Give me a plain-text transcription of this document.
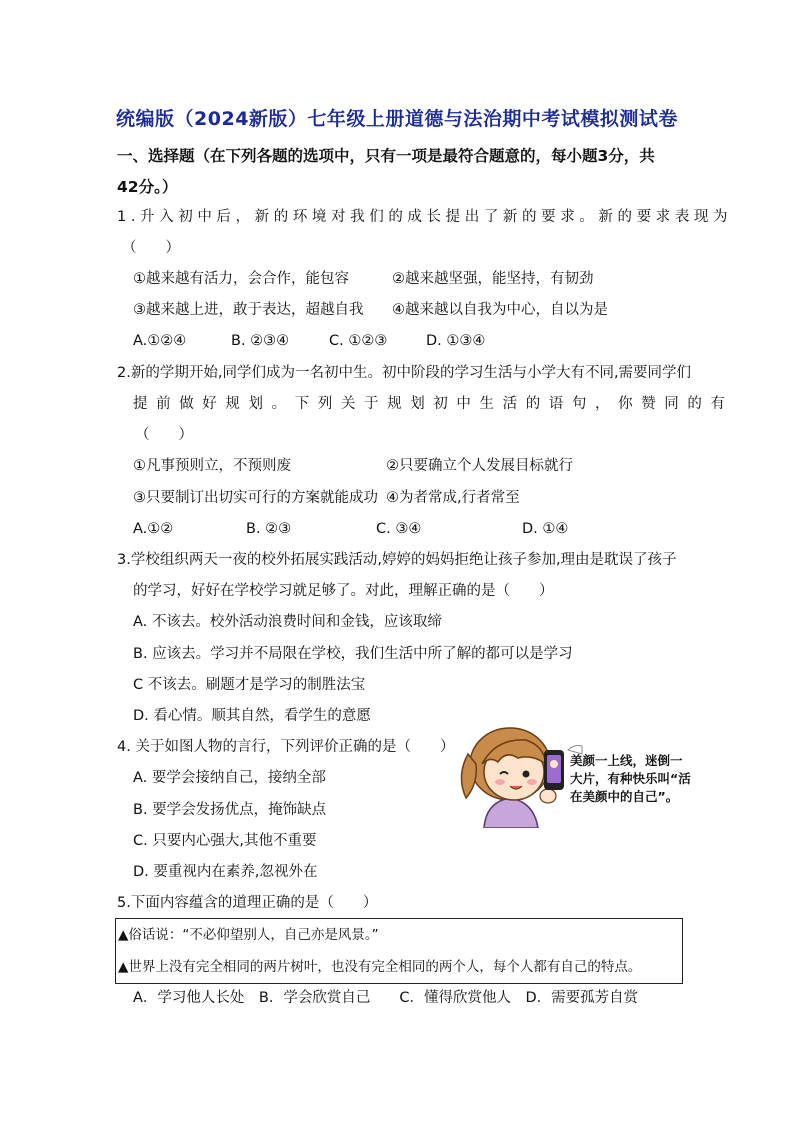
统编版（2024新版）七年级上册道德与法治期中考试模拟测试卷
一、选择题（在下列各题的选项中，只有一项是最符合题意的，每小题3分，共
42分。）
1.升入初中后，新的环境对我们的成长提出了新的要求。新的要求表现为
（　　）
①越来越有活力，会合作，能包容	②越来越坚强，能坚持，有韧劲
③越来越上进，敢于表达，超越自我 ④越来越以自我为中心，自以为是
A.①②④	B. ②③④	C. ①②③	D. ①③④
2.新的学期开始,同学们成为一名初中生。初中阶段的学习生活与小学大有不同,需要同学们
提前做好规划。下列关于规划初中生活的语句，你赞同的有
（　　）
①凡事预则立，不预则废	②只要确立个人发展目标就行
③只要制订出切实可行的方案就能成功 ④为者常成,行者常至
A.①②	B. ②③	C. ③④	D. ①④
3.学校组织两天一夜的校外拓展实践活动,婷婷的妈妈拒绝让孩子参加,理由是耽误了孩子
的学习，好好在学校学习就足够了。对此，理解正确的是（　　）
A. 不该去。校外活动浪费时间和金钱，应该取缔
B. 应该去。学习并不局限在学校，我们生活中所了解的都可以是学习
C 不该去。刷题才是学习的制胜法宝
D. 看心情。顺其自然，看学生的意愿
4. 关于如图人物的言行，下列评价正确的是（　　）
A. 要学会接纳自己，接纳全部
B. 要学会发扬优点，掩饰缺点
C. 只要内心强大,其他不重要
D. 要重视内在素养,忽视外在
美颜一上线，迷倒一
大片，有种快乐叫“活
在美颜中的自己”。
5.下面内容蕴含的道理正确的是（　　）
▲俗话说：“不必仰望别人，自己亦是风景。”
▲世界上没有完全相同的两片树叶，也没有完全相同的两个人，每个人都有自己的特点。
A．学习他人长处　B．学会欣赏自己　　C．懂得欣赏他人　D．需要孤芳自赏
